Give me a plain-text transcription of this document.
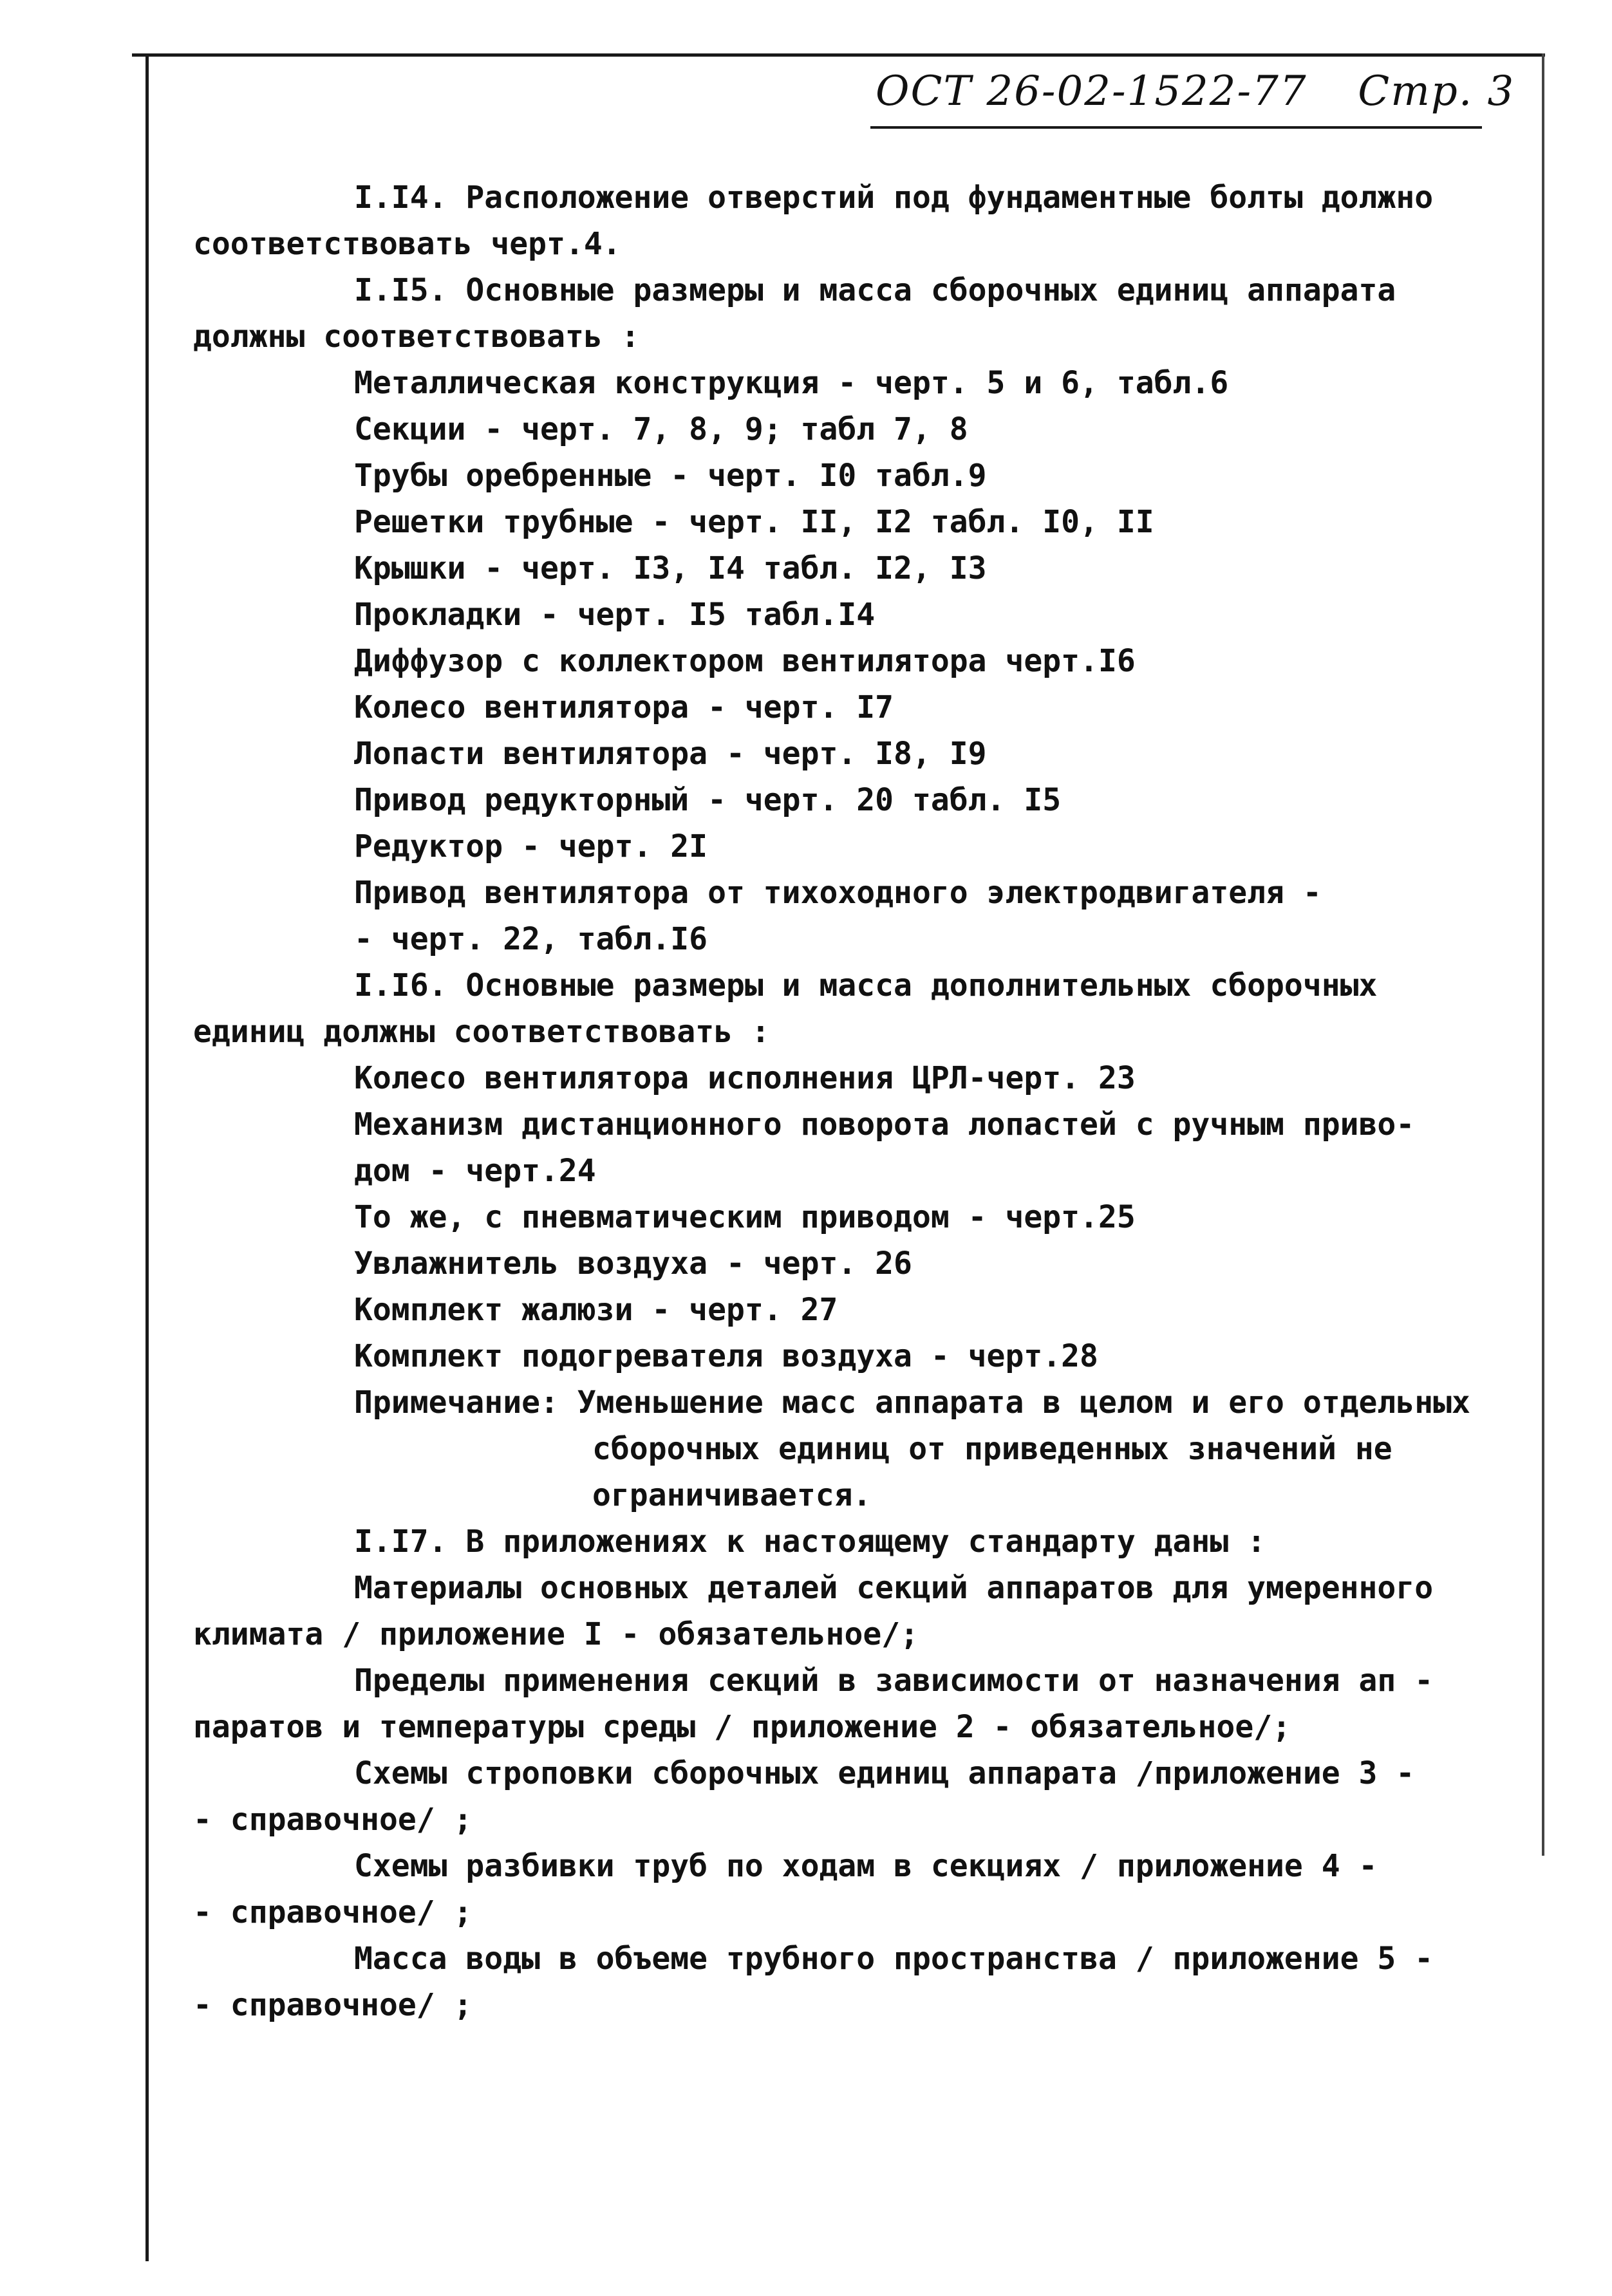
ОСТ 26-02-1522-77 Стр. 3
I.I4. Расположение отверстий под фундаментные болты должно
соответствовать черт.4.
I.I5. Основные размеры и масса сборочных единиц аппарата
должны соответствовать :
Металлическая конструкция - черт. 5 и 6, табл.6
Секции - черт. 7, 8, 9; табл 7, 8
Трубы оребренные - черт. I0 табл.9
Решетки трубные - черт. II, I2 табл. I0, II
Крышки - черт. I3, I4 табл. I2, I3
Прокладки - черт. I5 табл.I4
Диффузор с коллектором вентилятора черт.I6
Колесо вентилятора - черт. I7
Лопасти вентилятора - черт. I8, I9
Привод редукторный - черт. 20 табл. I5
Редуктор - черт. 2I
Привод вентилятора от тихоходного электродвигателя -
- черт. 22, табл.I6
I.I6. Основные размеры и масса дополнительных сборочных
единиц должны соответствовать :
Колесо вентилятора исполнения ЦРЛ-черт. 23
Механизм дистанционного поворота лопастей с ручным приво-
дом - черт.24
То же, с пневматическим приводом - черт.25
Увлажнитель воздуха - черт. 26
Комплект жалюзи - черт. 27
Комплект подогревателя воздуха - черт.28
Примечание: Уменьшение масс аппарата в целом и его отдельных
сборочных единиц от приведенных значений не
ограничивается.
I.I7. В приложениях к настоящему стандарту даны :
Материалы основных деталей секций аппаратов для умеренного
климата / приложение I - обязательное/;
Пределы применения секций в зависимости от назначения ап -
паратов и температуры среды / приложение 2 - обязательное/;
Схемы строповки сборочных единиц аппарата /приложение 3 -
- справочное/ ;
Схемы разбивки труб по ходам в секциях / приложение 4 -
- справочное/ ;
Масса воды в объеме трубного пространства / приложение 5 -
- справочное/ ;
